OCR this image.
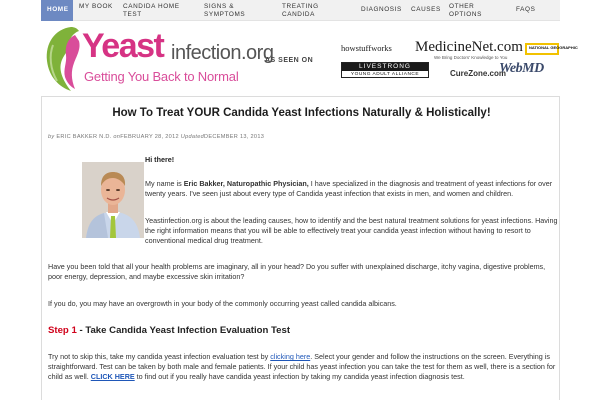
HOME	MY BOOK	CANDIDA HOME TEST
SIGNS & SYMPTOMS
TREATING CANDIDA
DIAGNOSIS	CAUSES	OTHER OPTIONS
FAQS
Yeast infection.org
Getting You Back to Normal
AS SEEN ON
howstuffworks MedicineNet.com
We Bring Doctors' Knowledge to You
NATIONAL GEOGRAPHIC
LIVESTRONG
YOUNG ADULT ALLIANCE	CureZone.com
WebMD
How To Treat YOUR Candida Yeast Infections Naturally & Holistically!
by ERIC BAKKER N.D. onFEBRUARY 28, 2012 UpdatedDECEMBER 13, 2013
Hi there!

My name is Eric Bakker, Naturopathic Physician, I have specialized in the diagnosis and treatment of yeast infections for over twenty years. I've seen just about every type of Candida yeast infection that exists in men, and women and children.

Yeastinfection.org is about the leading causes, how to identify and the best natural treatment solutions for yeast infections. Having the right information means that you will be able to effectively treat your candida yeast infection without having to resort to conventional medical drug treatment.

Have you been told that all your health problems are imaginary, all in your head? Do you suffer with unexplained discharge, itchy vagina, digestive problems, poor energy, depression, and maybe excessive skin irritation?

If you do, you may have an overgrowth in your body of the commonly occurring yeast called candida albicans.

Step 1 - Take Candida Yeast Infection Evaluation Test

Try not to skip this, take my candida yeast infection evaluation test by clicking here. Select your gender and follow the instructions on the screen. Everything is straightforward. Test can be taken by both male and female patients. If your child has yeast infection you can take the test for them as well, there is a section for child as well. CLICK HERE to find out if you really have candida yeast infection by taking my candida yeast infection diagnosis test.
